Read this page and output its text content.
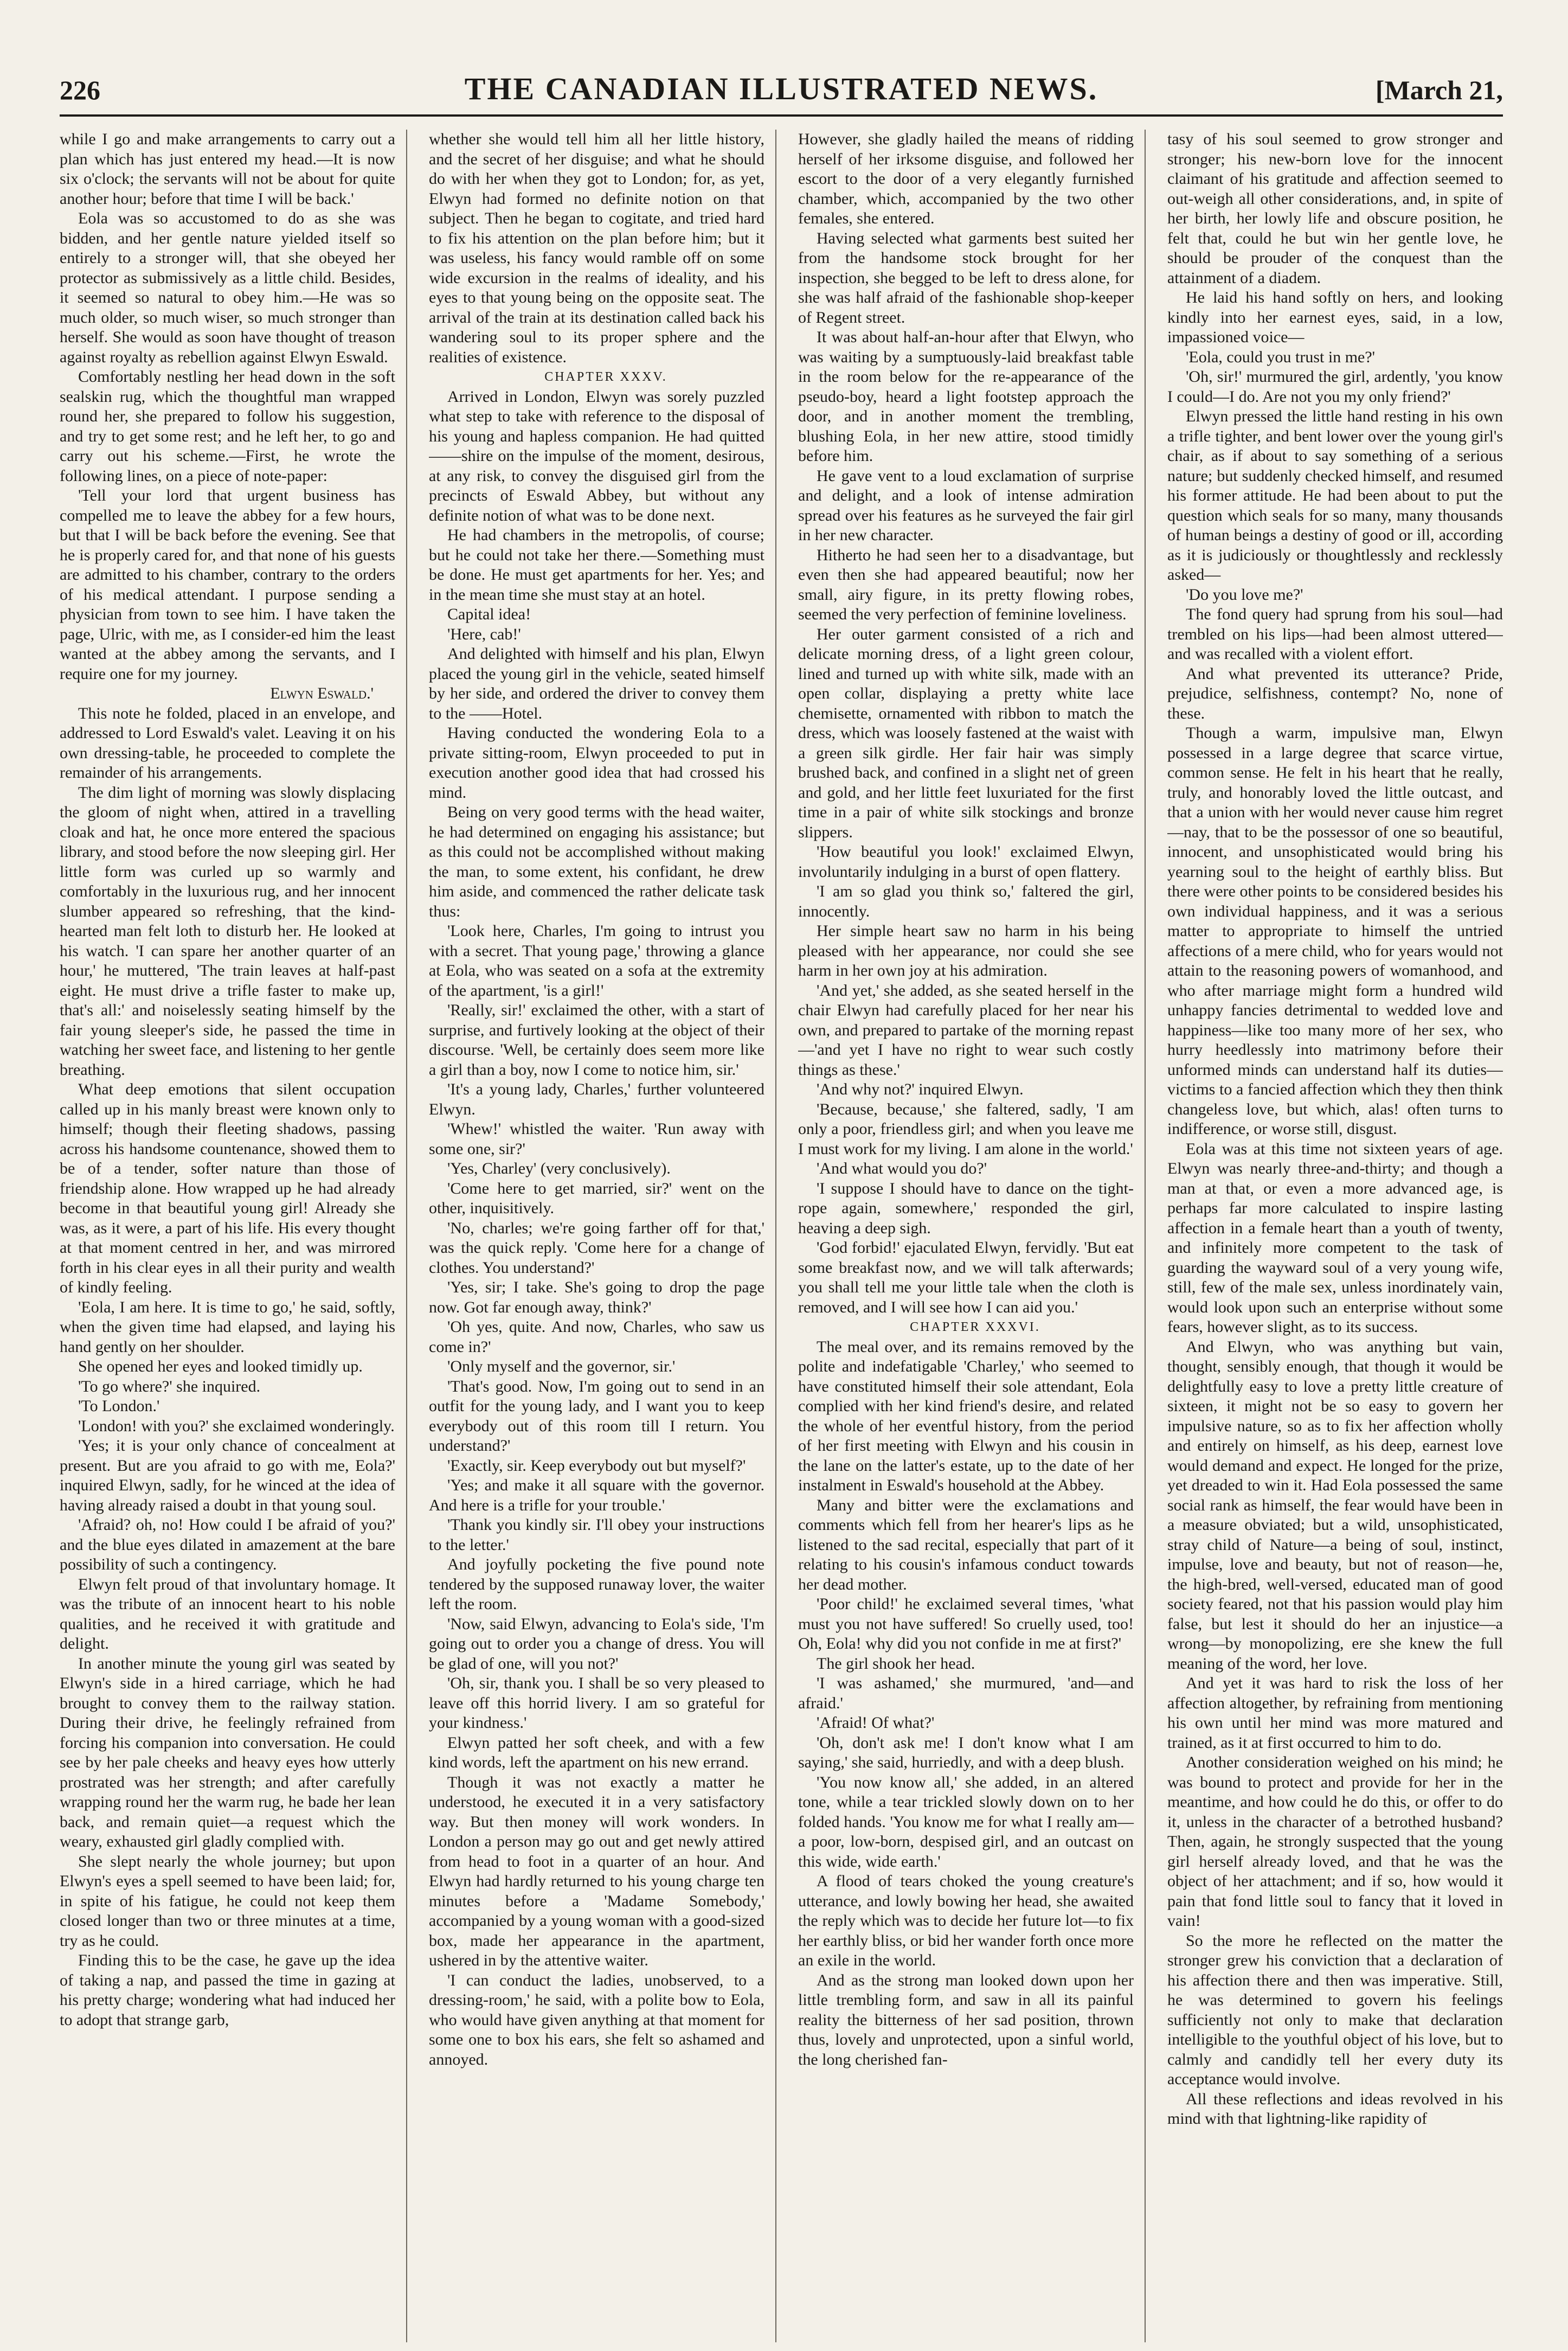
226	THE CANADIAN ILLUSTRATED NEWS.	[March 21,

while I go and make arrangements to carry out a plan which has just entered my head.—It is now six o'clock; the servants will not be about for quite another hour; before that time I will be back.'

Eola was so accustomed to do as she was bidden, and her gentle nature yielded itself so entirely to a stronger will, that she obeyed her protector as submissively as a little child. Besides, it seemed so natural to obey him.—He was so much older, so much wiser, so much stronger than herself. She would as soon have thought of treason against royalty as rebellion against Elwyn Eswald.

Comfortably nestling her head down in the soft sealskin rug, which the thoughtful man wrapped round her, she prepared to follow his suggestion, and try to get some rest; and he left her, to go and carry out his scheme.—First, he wrote the following lines, on a piece of note-paper:

'Tell your lord that urgent business has compelled me to leave the abbey for a few hours, but that I will be back before the evening. See that he is properly cared for, and that none of his guests are admitted to his chamber, contrary to the orders of his medical attendant. I purpose sending a physician from town to see him. I have taken the page, Ulric, with me, as I consider-ed him the least wanted at the abbey among the servants, and I require one for my journey.

Elwyn Eswald.'

This note he folded, placed in an envelope, and addressed to Lord Eswald's valet. Leaving it on his own dressing-table, he proceeded to complete the remainder of his arrangements.

The dim light of morning was slowly displacing the gloom of night when, attired in a travelling cloak and hat, he once more entered the spacious library, and stood before the now sleeping girl. Her little form was curled up so warmly and comfortably in the luxurious rug, and her innocent slumber appeared so refreshing, that the kind-hearted man felt loth to disturb her. He looked at his watch. 'I can spare her another quarter of an hour,' he muttered, 'The train leaves at half-past eight. He must drive a trifle faster to make up, that's all:' and noiselessly seating himself by the fair young sleeper's side, he passed the time in watching her sweet face, and listening to her gentle breathing.

What deep emotions that silent occupation called up in his manly breast were known only to himself; though their fleeting shadows, passing across his handsome countenance, showed them to be of a tender, softer nature than those of friendship alone. How wrapped up he had already become in that beautiful young girl! Already she was, as it were, a part of his life. His every thought at that moment centred in her, and was mirrored forth in his clear eyes in all their purity and wealth of kindly feeling.

'Eola, I am here. It is time to go,' he said, softly, when the given time had elapsed, and laying his hand gently on her shoulder.

She opened her eyes and looked timidly up.

'To go where?' she inquired.

'To London.'

'London! with you?' she exclaimed wonderingly.

'Yes; it is your only chance of concealment at present. But are you afraid to go with me, Eola?' inquired Elwyn, sadly, for he winced at the idea of having already raised a doubt in that young soul.

'Afraid? oh, no! How could I be afraid of you?' and the blue eyes dilated in amazement at the bare possibility of such a contingency.

Elwyn felt proud of that involuntary homage. It was the tribute of an innocent heart to his noble qualities, and he received it with gratitude and delight.

In another minute the young girl was seated by Elwyn's side in a hired carriage, which he had brought to convey them to the railway station. During their drive, he feelingly refrained from forcing his companion into conversation. He could see by her pale cheeks and heavy eyes how utterly prostrated was her strength; and after carefully wrapping round her the warm rug, he bade her lean back, and remain quiet—a request which the weary, exhausted girl gladly complied with.

She slept nearly the whole journey; but upon Elwyn's eyes a spell seemed to have been laid; for, in spite of his fatigue, he could not keep them closed longer than two or three minutes at a time, try as he could.

Finding this to be the case, he gave up the idea of taking a nap, and passed the time in gazing at his pretty charge; wondering what had induced her to adopt that strange garb,

whether she would tell him all her little history, and the secret of her disguise; and what he should do with her when they got to London; for, as yet, Elwyn had formed no definite notion on that subject. Then he began to cogitate, and tried hard to fix his attention on the plan before him; but it was useless, his fancy would ramble off on some wide excursion in the realms of ideality, and his eyes to that young being on the opposite seat. The arrival of the train at its destination called back his wandering soul to its proper sphere and the realities of existence.

CHAPTER XXXV.

Arrived in London, Elwyn was sorely puzzled what step to take with reference to the disposal of his young and hapless companion. He had quitted ——shire on the impulse of the moment, desirous, at any risk, to convey the disguised girl from the precincts of Eswald Abbey, but without any definite notion of what was to be done next.

He had chambers in the metropolis, of course; but he could not take her there.—Something must be done. He must get apartments for her. Yes; and in the mean time she must stay at an hotel.

Capital idea!

'Here, cab!'

And delighted with himself and his plan, Elwyn placed the young girl in the vehicle, seated himself by her side, and ordered the driver to convey them to the ——Hotel.

Having conducted the wondering Eola to a private sitting-room, Elwyn proceeded to put in execution another good idea that had crossed his mind.

Being on very good terms with the head waiter, he had determined on engaging his assistance; but as this could not be accomplished without making the man, to some extent, his confidant, he drew him aside, and commenced the rather delicate task thus:

'Look here, Charles, I'm going to intrust you with a secret. That young page,' throwing a glance at Eola, who was seated on a sofa at the extremity of the apartment, 'is a girl!'

'Really, sir!' exclaimed the other, with a start of surprise, and furtively looking at the object of their discourse. 'Well, be certainly does seem more like a girl than a boy, now I come to notice him, sir.'

'It's a young lady, Charles,' further volunteered Elwyn.

'Whew!' whistled the waiter. 'Run away with some one, sir?'

'Yes, Charley' (very conclusively).

'Come here to get married, sir?' went on the other, inquisitively.

'No, charles; we're going farther off for that,' was the quick reply. 'Come here for a change of clothes. You understand?'

'Yes, sir; I take. She's going to drop the page now. Got far enough away, think?'

'Oh yes, quite. And now, Charles, who saw us come in?'

'Only myself and the governor, sir.'

'That's good. Now, I'm going out to send in an outfit for the young lady, and I want you to keep everybody out of this room till I return. You understand?'

'Exactly, sir. Keep everybody out but myself?'

'Yes; and make it all square with the governor. And here is a trifle for your trouble.'

'Thank you kindly sir. I'll obey your instructions to the letter.'

And joyfully pocketing the five pound note tendered by the supposed runaway lover, the waiter left the room.

'Now, said Elwyn, advancing to Eola's side, 'I'm going out to order you a change of dress. You will be glad of one, will you not?'

'Oh, sir, thank you. I shall be so very pleased to leave off this horrid livery. I am so grateful for your kindness.'

Elwyn patted her soft cheek, and with a few kind words, left the apartment on his new errand.

Though it was not exactly a matter he understood, he executed it in a very satisfactory way. But then money will work wonders. In London a person may go out and get newly attired from head to foot in a quarter of an hour. And Elwyn had hardly returned to his young charge ten minutes before a 'Madame Somebody,' accompanied by a young woman with a good-sized box, made her appearance in the apartment, ushered in by the attentive waiter.

'I can conduct the ladies, unobserved, to a dressing-room,' he said, with a polite bow to Eola, who would have given anything at that moment for some one to box his ears, she felt so ashamed and annoyed.

However, she gladly hailed the means of ridding herself of her irksome disguise, and followed her escort to the door of a very elegantly furnished chamber, which, accompanied by the two other females, she entered.

Having selected what garments best suited her from the handsome stock brought for her inspection, she begged to be left to dress alone, for she was half afraid of the fashionable shop-keeper of Regent street.

It was about half-an-hour after that Elwyn, who was waiting by a sumptuously-laid breakfast table in the room below for the re-appearance of the pseudo-boy, heard a light footstep approach the door, and in another moment the trembling, blushing Eola, in her new attire, stood timidly before him.

He gave vent to a loud exclamation of surprise and delight, and a look of intense admiration spread over his features as he surveyed the fair girl in her new character.

Hitherto he had seen her to a disadvantage, but even then she had appeared beautiful; now her small, airy figure, in its pretty flowing robes, seemed the very perfection of feminine loveliness.

Her outer garment consisted of a rich and delicate morning dress, of a light green colour, lined and turned up with white silk, made with an open collar, displaying a pretty white lace chemisette, ornamented with ribbon to match the dress, which was loosely fastened at the waist with a green silk girdle. Her fair hair was simply brushed back, and confined in a slight net of green and gold, and her little feet luxuriated for the first time in a pair of white silk stockings and bronze slippers.

'How beautiful you look!' exclaimed Elwyn, involuntarily indulging in a burst of open flattery.

'I am so glad you think so,' faltered the girl, innocently.

Her simple heart saw no harm in his being pleased with her appearance, nor could she see harm in her own joy at his admiration.

'And yet,' she added, as she seated herself in the chair Elwyn had carefully placed for her near his own, and prepared to partake of the morning repast—'and yet I have no right to wear such costly things as these.'

'And why not?' inquired Elwyn.

'Because, because,' she faltered, sadly, 'I am only a poor, friendless girl; and when you leave me I must work for my living. I am alone in the world.'

'And what would you do?'

'I suppose I should have to dance on the tight-rope again, somewhere,' responded the girl, heaving a deep sigh.

'God forbid!' ejaculated Elwyn, fervidly. 'But eat some breakfast now, and we will talk afterwards; you shall tell me your little tale when the cloth is removed, and I will see how I can aid you.'

CHAPTER XXXVI.

The meal over, and its remains removed by the polite and indefatigable 'Charley,' who seemed to have constituted himself their sole attendant, Eola complied with her kind friend's desire, and related the whole of her eventful history, from the period of her first meeting with Elwyn and his cousin in the lane on the latter's estate, up to the date of her instalment in Eswald's household at the Abbey.

Many and bitter were the exclamations and comments which fell from her hearer's lips as he listened to the sad recital, especially that part of it relating to his cousin's infamous conduct towards her dead mother.

'Poor child!' he exclaimed several times, 'what must you not have suffered! So cruelly used, too! Oh, Eola! why did you not confide in me at first?'

The girl shook her head.

'I was ashamed,' she murmured, 'and—and afraid.'

'Afraid! Of what?'

'Oh, don't ask me! I don't know what I am saying,' she said, hurriedly, and with a deep blush.

'You now know all,' she added, in an altered tone, while a tear trickled slowly down on to her folded hands. 'You know me for what I really am—a poor, low-born, despised girl, and an outcast on this wide, wide earth.'

A flood of tears choked the young creature's utterance, and lowly bowing her head, she awaited the reply which was to decide her future lot—to fix her earthly bliss, or bid her wander forth once more an exile in the world.

And as the strong man looked down upon her little trembling form, and saw in all its painful reality the bitterness of her sad position, thrown thus, lovely and unprotected, upon a sinful world, the long cherished fan-

tasy of his soul seemed to grow stronger and stronger; his new-born love for the innocent claimant of his gratitude and affection seemed to out-weigh all other considerations, and, in spite of her birth, her lowly life and obscure position, he felt that, could he but win her gentle love, he should be prouder of the conquest than the attainment of a diadem.

He laid his hand softly on hers, and looking kindly into her earnest eyes, said, in a low, impassioned voice—

'Eola, could you trust in me?'

'Oh, sir!' murmured the girl, ardently, 'you know I could—I do. Are not you my only friend?'

Elwyn pressed the little hand resting in his own a trifle tighter, and bent lower over the young girl's chair, as if about to say something of a serious nature; but suddenly checked himself, and resumed his former attitude. He had been about to put the question which seals for so many, many thousands of human beings a destiny of good or ill, according as it is judiciously or thoughtlessly and recklessly asked—

'Do you love me?'

The fond query had sprung from his soul—had trembled on his lips—had been almost uttered—and was recalled with a violent effort.

And what prevented its utterance? Pride, prejudice, selfishness, contempt? No, none of these.

Though a warm, impulsive man, Elwyn possessed in a large degree that scarce virtue, common sense. He felt in his heart that he really, truly, and honorably loved the little outcast, and that a union with her would never cause him regret—nay, that to be the possessor of one so beautiful, innocent, and unsophisticated would bring his yearning soul to the height of earthly bliss. But there were other points to be considered besides his own individual happiness, and it was a serious matter to appropriate to himself the untried affections of a mere child, who for years would not attain to the reasoning powers of womanhood, and who after marriage might form a hundred wild unhappy fancies detrimental to wedded love and happiness—like too many more of her sex, who hurry heedlessly into matrimony before their unformed minds can understand half its duties—victims to a fancied affection which they then think changeless love, but which, alas! often turns to indifference, or worse still, disgust.

Eola was at this time not sixteen years of age. Elwyn was nearly three-and-thirty; and though a man at that, or even a more advanced age, is perhaps far more calculated to inspire lasting affection in a female heart than a youth of twenty, and infinitely more competent to the task of guarding the wayward soul of a very young wife, still, few of the male sex, unless inordinately vain, would look upon such an enterprise without some fears, however slight, as to its success.

And Elwyn, who was anything but vain, thought, sensibly enough, that though it would be delightfully easy to love a pretty little creature of sixteen, it might not be so easy to govern her impulsive nature, so as to fix her affection wholly and entirely on himself, as his deep, earnest love would demand and expect. He longed for the prize, yet dreaded to win it. Had Eola possessed the same social rank as himself, the fear would have been in a measure obviated; but a wild, unsophisticated, stray child of Nature—a being of soul, instinct, impulse, love and beauty, but not of reason—he, the high-bred, well-versed, educated man of good society feared, not that his passion would play him false, but lest it should do her an injustice—a wrong—by monopolizing, ere she knew the full meaning of the word, her love.

And yet it was hard to risk the loss of her affection altogether, by refraining from mentioning his own until her mind was more matured and trained, as it at first occurred to him to do.

Another consideration weighed on his mind; he was bound to protect and provide for her in the meantime, and how could he do this, or offer to do it, unless in the character of a betrothed husband? Then, again, he strongly suspected that the young girl herself already loved, and that he was the object of her attachment; and if so, how would it pain that fond little soul to fancy that it loved in vain!

So the more he reflected on the matter the stronger grew his conviction that a declaration of his affection there and then was imperative. Still, he was determined to govern his feelings sufficiently not only to make that declaration intelligible to the youthful object of his love, but to calmly and candidly tell her every duty its acceptance would involve.

All these reflections and ideas revolved in his mind with that lightning-like rapidity of
